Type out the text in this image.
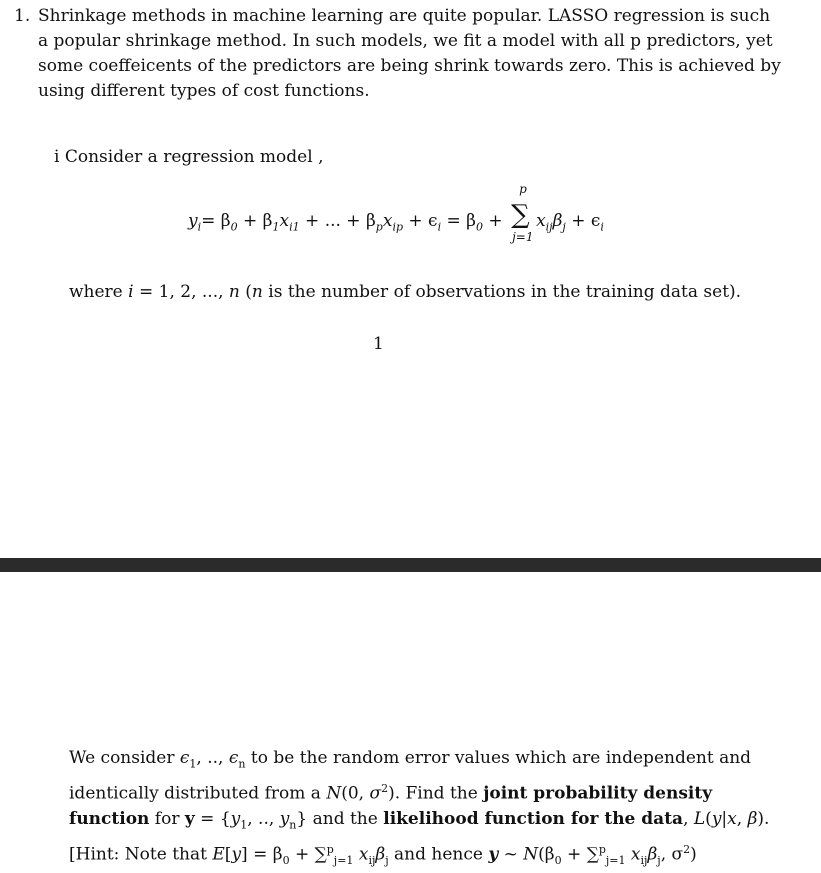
1. Shrinkage methods in machine learning are quite popular. LASSO regression is such a popular shrinkage method. In such models, we fit a model with all p predictors, yet some coeffeicents of the predictors are being shrink towards zero. This is achieved by using different types of cost functions.
i Consider a regression model ,
$y_i= \beta_0 + \beta_1x_{i1}$ + ... + $\beta_px_{ip} + \epsilon_i = \beta_0$ +
p
∑
j=1
$x_{ij}\beta_j + \epsilon_i$
where i = 1, 2, ..., n (n is the number of observations in the training data set).
1
We consider $\epsilon_1$, .., $\epsilon_n$ to be the random error values which are independent and identically distributed from a N(0, $\sigma^2$). Find the joint probability density function for $y = \{y_1$, .., $y_n$} and the likelihood function for the data, L(y|x, β).
[Hint: Note that $E[y] = \beta_0 + \sum^p_{j=1}$ $x_{ij}\beta_j$ and hence y ~ $N(\beta_0 + \sum^p_{j=1}$ $x_{ij}\beta_j$, $\sigma^2$)
